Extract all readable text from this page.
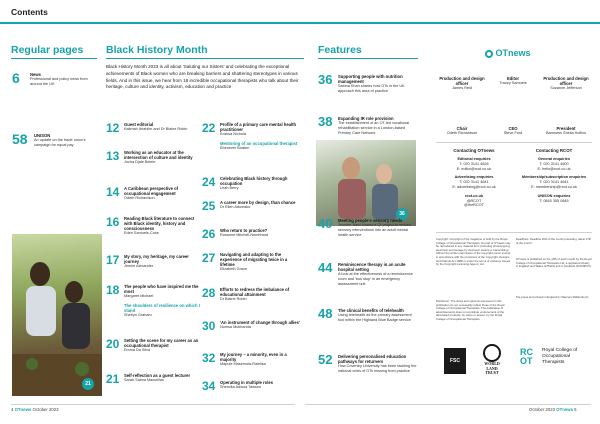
Contents
Regular pages
6 News
Professional and policy news from around the UK
58 UNISON
An update on the trade union's campaign for equal pay
21
Black History Month
Black History Month 2023 is all about 'Saluting our Sisters' and celebrating the exceptional achievements of Black women who are breaking barriers and shattering stereotypes in various fields. And in this issue, we hear from 18 incredible occupational therapists who talk about their heritage, culture and identity, activism, education and practice
12 Guest editorial
Kalimah Ibrahiim and Dr Blaine Robin
13 Working as an educator at the intersection of culture and identity
Jocha Djale Belele
14 A Caribbean perspective of occupational engagement
Odeth Richardson
16 Reading Black literature to connect with Black identity, history and consciousness
Eden Samuels-Coke
17 My story, my heritage, my career journey
Jennie Alexander
18 The people who have inspired me the most
Margaret Michael
The shoulders of resilience on which I stand
Sherlyn Graham
20 Setting the scene for my career as an occupational therapist
Emma Da Silva
21 Self-reflection as a guest lecturer
Sarah Salma Macmillan
22 Profile of a primary care mental health practitioner
Koziwa Nichola
Mentoring of an occupational therapist
Ebenezer Boaten
24 Celebrating Black history through occupation
Leah Berry
25 A career more by design, than chance
Dr Ellen Adomako
26 Who return to practice?
Rosanne Mitchell-Nembhard
27 Navigating and adapting to the experience of migrating twice in a lifetime
Elizabeth Grace
28 Efforts to redress the imbalance of educational attainment
Dr Blaine Robin
30 'An instrument of change through allies'
Nomsa Mukhanda
32 My journey – a minority, even in a majority
Mapule Masemola-Ralelika
34 Operating in multiple roles
Shemika Adwoa Tawson
Features
36 Supporting people with nutrition management
Sabina Khan shares how OTs in the UK approach this area of practice
38 Expanding IR role provision
The establishment of an OT-led vocational rehabilitation service in a London-based Primary Care Network
36
40 Meeting people's sensory needs
Jennifer Basil shares a QI project to embed sensory interventions into an adult mental health service
44 Reminiscence therapy in an acute hospital setting
A look at the effectiveness of a reminiscence room and 'bus stop' in an emergency assessment unit
48 The clinical benefits of telehealth
Using telehealth as the primary assessment tool within the Highland Blue Badge service
52 Delivering personalised education pathways for returners
How Coventry University has been tackling the national crisis of OTs missing from practice
OTnews
Production and design officer
James Reid
Editor
Tracey Samuels
Production and design officer
Suzanne Jefferson
Chair
Odeth Richardson
CEO
Steve Ford
President
Baroness Sheila Hollins
Contacting OTnews
Editorial enquiries
T: 020 3141 4626
E: editor@rcot.co.uk
Advertising enquiries
T: 020 3141 4641
E: advertising@rcot.co.uk
rcot.co.uk
@RCOT
@theRCOT
Contacting RCOT
General enquiries
T: 020 3141 4600
E: hello@rcot.co.uk
Membership/subscription enquiries
T: 020 3141 4641
E: membership@rcot.co.uk
UNISON enquiries
T: 0845 355 0845
Copyright: Copyright of the magazine is held by the Royal College of Occupational Therapists. No part of OTnews may be reproduced in any material form (including photocopying, electronic and storage by electronic means or transmitting) without the written permission of the copyright owner except in accordance with the provisions of the Copyright, Designs and Patents Act 1988 or under the terms of a licence issued by the Copyright Licensing Agency Ltd.
Disclaimer: The views and opinions expressed in this publication do not necessarily reflect those of the Royal College of Occupational Therapists. The publication of advertisements does not constitute endorsement of the advertised products, by name or assent, by the Royal College of Occupational Therapists.
Deadlines: Deadline 20th of the month preceding, latest 17th of the month.
OTnews is published on the 15th of each month by the Royal College of Occupational Therapists Ltd, a registered charity in England and Wales (275119) and in Scotland (SC039573).
Pre-press and printed in England by Warners Midlands plc.
FSC	WORLD
LAND
TRUST
RC OT
Royal College of Occupational Therapists
4 OTnews October 2023	October 2023 OTnews 5
